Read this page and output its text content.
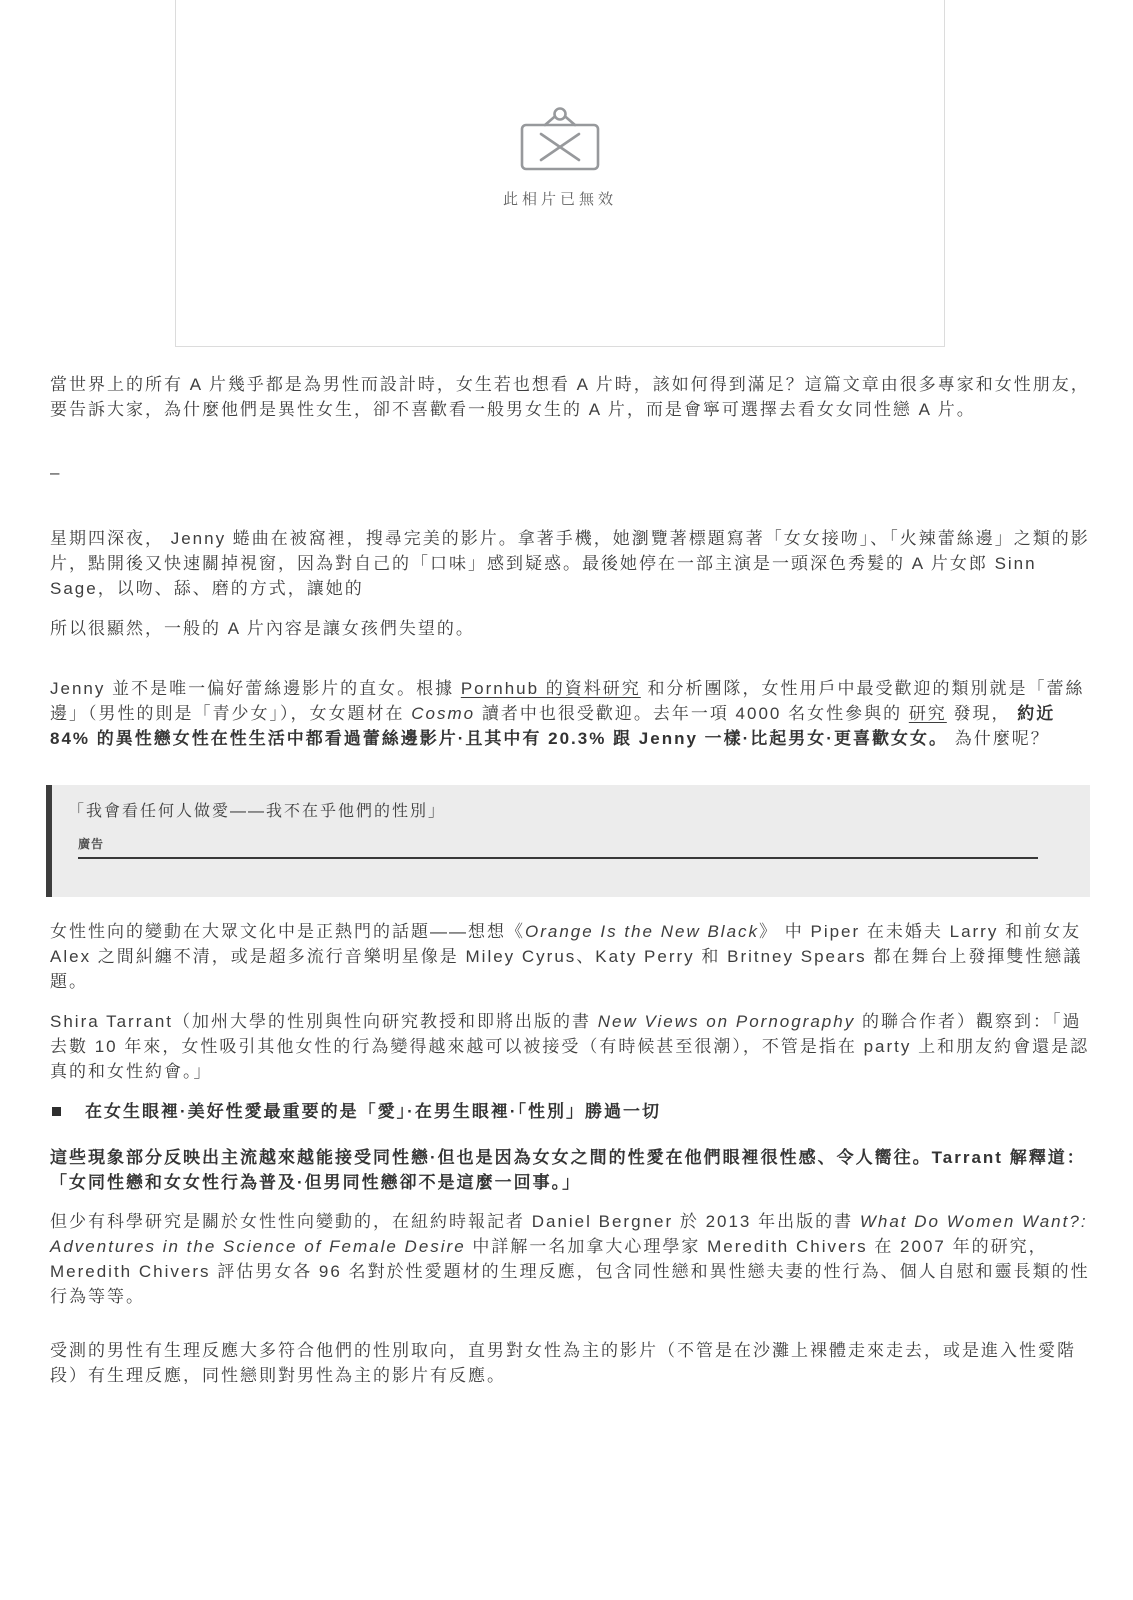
此相片已無效
當世界上的所有 A 片幾乎都是為男性而設計時，女生若也想看 A 片時，該如何得到滿足？這篇文章由很多專家和女性朋友，要告訴大家，為什麼他們是異性女生，卻不喜歡看一般男女生的 A 片，而是會寧可選擇去看女女同性戀 A 片。
–
星期四深夜， Jenny 蜷曲在被窩裡，搜尋完美的影片。拿著手機，她瀏覽著標題寫著「女女接吻」、「火辣蕾絲邊」之類的影片，點開後又快速關掉視窗，因為對自己的「口味」感到疑惑。最後她停在一部主演是一頭深色秀髮的 A 片女郎 Sinn Sage，以吻、舔、磨的方式，讓她的
所以很顯然，一般的 A 片內容是讓女孩們失望的。
Jenny 並不是唯一偏好蕾絲邊影片的直女。根據 Pornhub 的資料研究 和分析團隊，女性用戶中最受歡迎的類別就是「蕾絲邊」（男性的則是「青少女」），女女題材在 Cosmo 讀者中也很受歡迎。去年一項 4000 名女性參與的 研究 發現， 約近 84% 的異性戀女性在性生活中都看過蕾絲邊影片·且其中有 20.3% 跟 Jenny 一樣·比起男女·更喜歡女女。 為什麼呢？
「我會看任何人做愛——我不在乎他們的性別」
廣告
女性性向的變動在大眾文化中是正熱門的話題——想想《Orange Is the New Black》 中 Piper 在未婚夫 Larry 和前女友 Alex 之間糾纏不清，或是超多流行音樂明星像是 Miley Cyrus、Katy Perry 和 Britney Spears 都在舞台上發揮雙性戀議題。
Shira Tarrant（加州大學的性別與性向研究教授和即將出版的書 New Views on Pornography 的聯合作者）觀察到：「過去數 10 年來，女性吸引其他女性的行為變得越來越可以被接受（有時候甚至很潮），不管是指在 party 上和朋友約會還是認真的和女性約會。」
在女生眼裡·美好性愛最重要的是「愛」·在男生眼裡·「性別」勝過一切
這些現象部分反映出主流越來越能接受同性戀·但也是因為女女之間的性愛在他們眼裡很性感、令人嚮往。Tarrant 解釋道：「女同性戀和女女性行為普及·但男同性戀卻不是這麼一回事。」
但少有科學研究是關於女性性向變動的，在紐約時報記者 Daniel Bergner 於 2013 年出版的書 What Do Women Want?: Adventures in the Science of Female Desire 中詳解一名加拿大心理學家 Meredith Chivers 在 2007 年的研究，Meredith Chivers 評估男女各 96 名對於性愛題材的生理反應，包含同性戀和異性戀夫妻的性行為、個人自慰和靈長類的性行為等等。
受測的男性有生理反應大多符合他們的性別取向，直男對女性為主的影片（不管是在沙灘上裸體走來走去，或是進入性愛階段）有生理反應，同性戀則對男性為主的影片有反應。
